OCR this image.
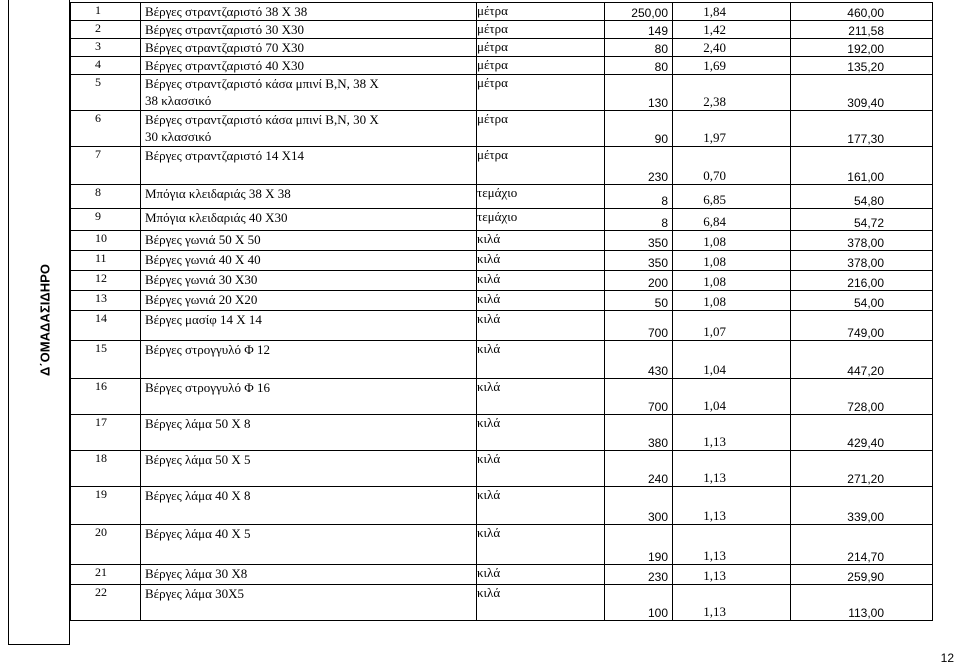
Δ΄ΟΜΑΔΑ

ΣΙΔΗΡΟ
1	Βέργες στραντζαριστό 38 Χ 38	μέτρα	250,00	1,84	460,00
2	Βέργες στραντζαριστό 30 Χ30	μέτρα	149	1,42	211,58
3	Βέργες στραντζαριστό 70 Χ30	μέτρα	80	2,40	192,00
4	Βέργες στραντζαριστό 40 Χ30	μέτρα	80	1,69	135,20
5	Βέργες στραντζαριστό κάσα μπινί Β,Ν, 38 Χ
38 κλασσικό	μέτρα	130	2,38	309,40
6	Βέργες στραντζαριστό κάσα μπινί Β,Ν, 30 Χ
30 κλασσικό	μέτρα	90	1,97	177,30
7	Βέργες στραντζαριστό 14 Χ14	μέτρα	230	0,70	161,00
8	Μπόγια κλειδαριάς 38 Χ 38	τεμάχιο	8	6,85	54,80
9	Μπόγια κλειδαριάς 40 Χ30	τεμάχιο	8	6,84	54,72
10	Βέργες γωνιά 50 Χ 50	κιλά	350	1,08	378,00
11	Βέργες γωνιά 40 Χ 40	κιλά	350	1,08	378,00
12	Βέργες γωνιά 30 Χ30	κιλά	200	1,08	216,00
13	Βέργες γωνιά 20 Χ20	κιλά	50	1,08	54,00
14	Βέργες μασίφ 14 Χ 14	κιλά	700	1,07	749,00
15	Βέργες στρογγυλό Φ 12	κιλά	430	1,04	447,20
16	Βέργες στρογγυλό Φ 16	κιλά	700	1,04	728,00
17	Βέργες λάμα 50 Χ 8	κιλά	380	1,13	429,40
18	Βέργες λάμα 50 Χ 5	κιλά	240	1,13	271,20
19	Βέργες λάμα 40 Χ 8	κιλά	300	1,13	339,00
20	Βέργες λάμα 40 Χ 5	κιλά	190	1,13	214,70
21	Βέργες λάμα 30 Χ8	κιλά	230	1,13	259,90
22	Βέργες λάμα 30Χ5	κιλά	100	1,13	113,00
12
